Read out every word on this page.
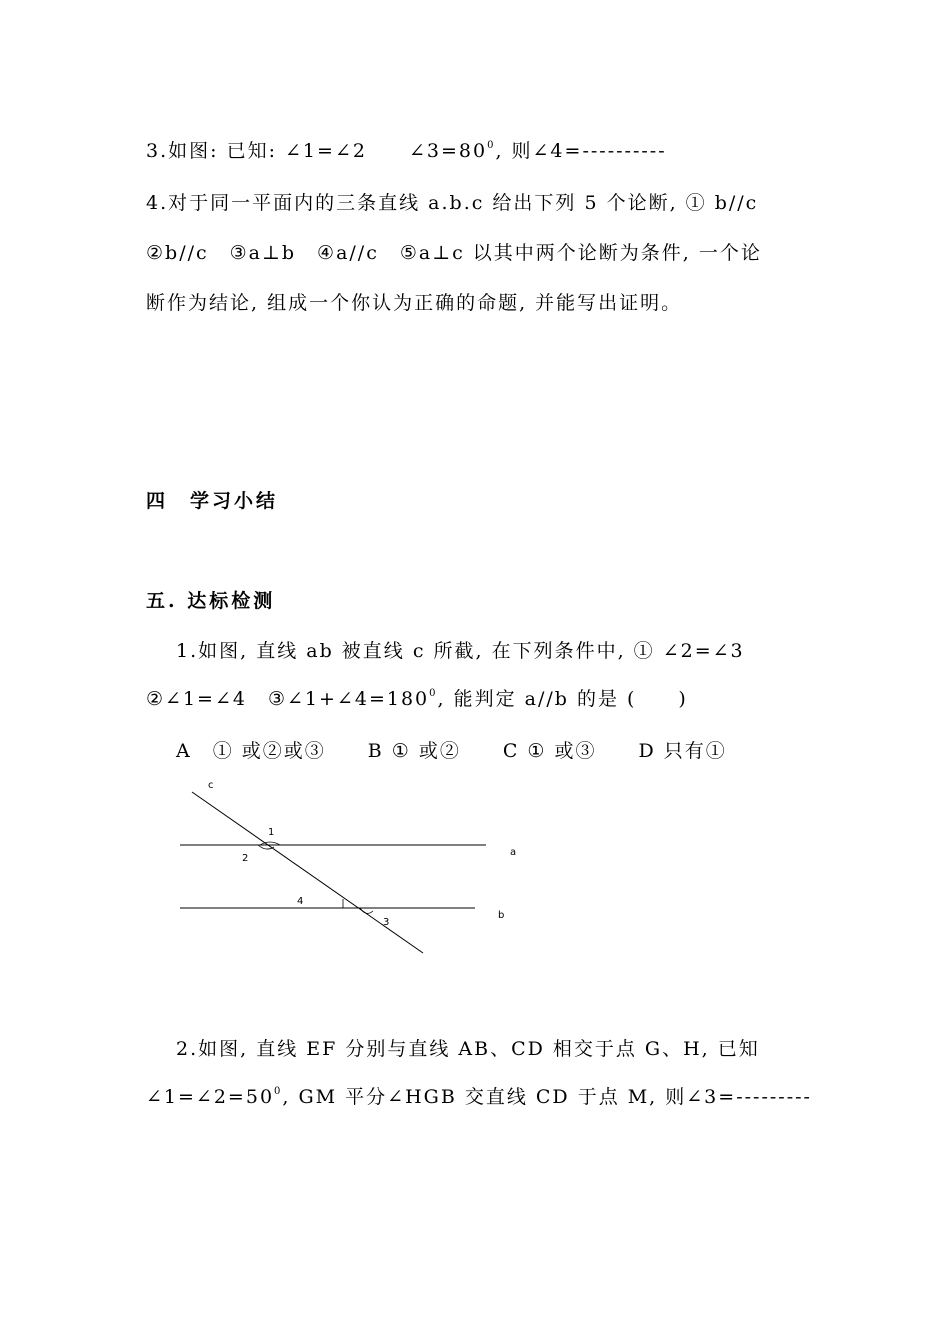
3.如图: 已知: ∠1=∠2　　$\angle 3=80^0$, 则∠4=----------

4.对于同一平面内的三条直线 a.b.c 给出下列 5 个论断, ① b//c

②b//c　③a⊥b　④a//c　⑤a⊥c 以其中两个论断为条件, 一个论

断作为结论, 组成一个你认为正确的命题, 并能写出证明。

四　学习小结

五. 达标检测

1.如图, 直线 ab 被直线 c 所截, 在下列条件中, ① ∠2=∠3

②∠1=∠4　$③\angle 1+\angle 4=180^0$, 能判定 a//b 的是 (　　)

A　① 或②或③　　B ① 或②　　C ① 或③　　D 只有①

c
1
2
a
4
3
b

2.如图, 直线 EF 分别与直线 AB、CD 相交于点 G、H, 已知

$\angle 1=\angle 2=50^0$, GM 平分∠HGB 交直线 CD 于点 M, 则∠3=---------
